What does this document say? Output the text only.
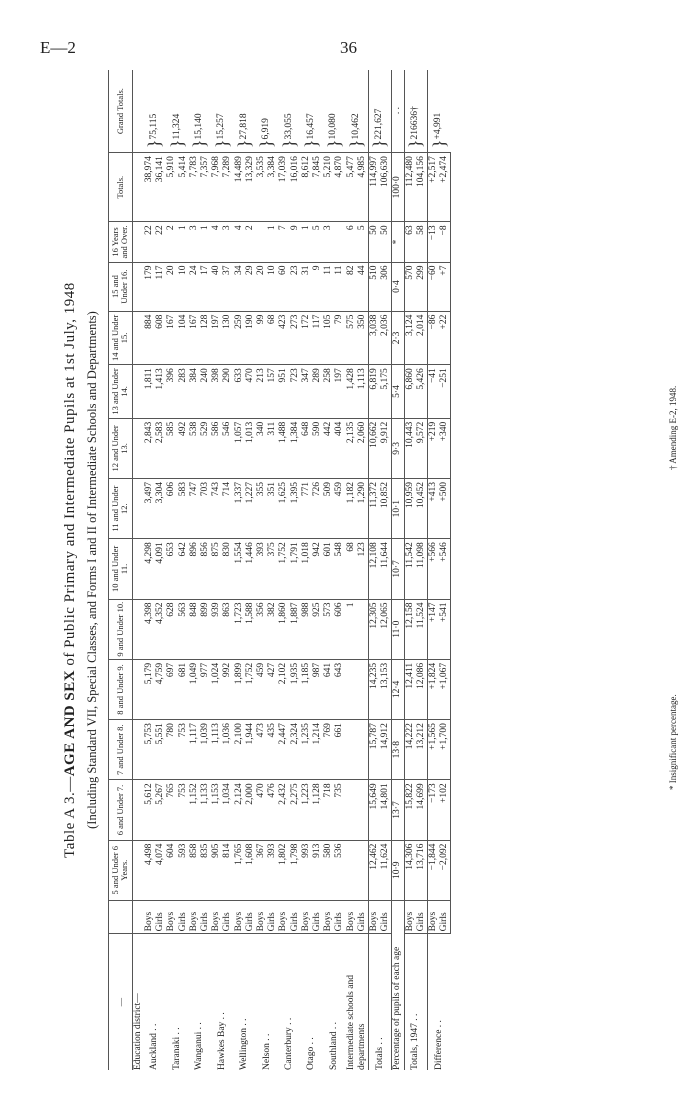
E—2	36
Table A 3.—AGE AND SEX of Public Primary and Intermediate Pupils at 1st July, 1948 (Including Standard VII, Special Classes, and Forms I and II of Intermediate Schools and Departments)
—		5 and Under 6 Years.	6 and Under 7.	7 and Under 8.	8 and Under 9.	9 and Under 10.	10 and Under 11.	11 and Under 12.	12 and Under 13.	13 and Under 14.	14 and Under 15.	15 and Under 16.	16 Years and Over.	Totals.	Grand Totals.
Education district—															
Auckland . .	Boys	4,498	5,612	5,753	5,179	4,398	4,298	3,497	2,843	1,811	884	179	22	38,974	}75,115
	Girls	4,074	5,267	5,551	4,759	4,352	4,091	3,304	2,583	1,413	608	117	22	36,141	
Taranaki . .	Boys	604	765	780	697	628	653	606	585	396	167	20	2	5,910	}11,324
	Girls	593	753	753	681	563	642	583	492	283	104	10	1	5,414	
Wanganui . .	Boys	858	1,152	1,117	1,049	848	896	747	538	384	167	24	3	7,783	}15,140
	Girls	835	1,133	1,039	977	899	856	703	529	240	128	17	1	7,357	
Hawkes Bay . .	Boys	905	1,153	1,113	1,024	939	875	743	586	398	197	40	4	7,968	}15,257
	Girls	814	1,034	1,036	992	863	830	714	546	290	130	37	3	7,289	
Wellington . .	Boys	1,765	2,124	2,100	1,899	1,723	1,554	1,337	1,057	633	259	34	4	14,489	}27,818
	Girls	1,608	2,000	1,944	1,752	1,588	1,446	1,227	1,013	470	190	29	2	13,329	
Nelson . .	Boys	367	470	473	459	356	393	355	340	213	99	20		3,535	}6,919
	Girls	393	476	435	427	382	375	351	311	157	68	10	1	3,384	
Canterbury . .	Boys	1,802	2,432	2,447	2,102	1,860	1,752	1,625	1,488	951	423	60	7	17,039	}33,055
	Girls	1,798	2,275	2,324	1,935	1,887	1,791	1,395	1,384	723	273	23	9	16,016	
Otago . .	Boys	993	1,223	1,235	1,185	988	1,018	771	648	347	172	31	1	8,612	}16,457
	Girls	913	1,128	1,214	987	925	942	726	590	289	117	9	5	7,845	
Southland . .	Boys	580	718	769	641	573	601	509	442	258	105	11	3	5,210	}10,080
	Girls	536	735	661	643	606	548	459	404	197	79	11		4,870	
Intermediate schools and departments	Boys					1	68	1,182	2,135	1,428	575	82	6	5,477	}10,462
	Girls						123	1,290	2,060	1,113	350	44	5	4,985	
Totals . .	Boys	12,462	15,649	15,787	14,235	12,305	12,108	11,372	10,662	6,819	3,038	510	50	114,997	}221,627
	Girls	11,624	14,801	14,912	13,153	12,065	11,644	10,852	9,912	5,175	2,036	306	50	106,630	
Percentage of pupils of each age		10·9	13·7	13·8	12·4	11·0	10·7	10·1	9·3	5·4	2·3	0·4	*	100·0	. .
Totals, 1947 . .	Boys	14,306	15,822	14,222	12,411	12,158	11,542	10,959	10,443	6,860	3,124	570	63	112,480	}216636†
	Girls	13,716	14,699	13,212	12,086	11,524	11,098	10,452	9,572	5,426	2,014	299	58	104,156	
Difference . .	Boys	−1,844	−173	+1,565	+1,824	+147	+566	+413	+219	−41	−86	−60	−13	+2,517	}+4,991
	Girls	−2,092	+102	+1,700	+1,067	+541	+546	+500	+340	−251	+22	+7	−8	+2,474	
* Insignificant percentage.
† Amending E-2, 1948.
